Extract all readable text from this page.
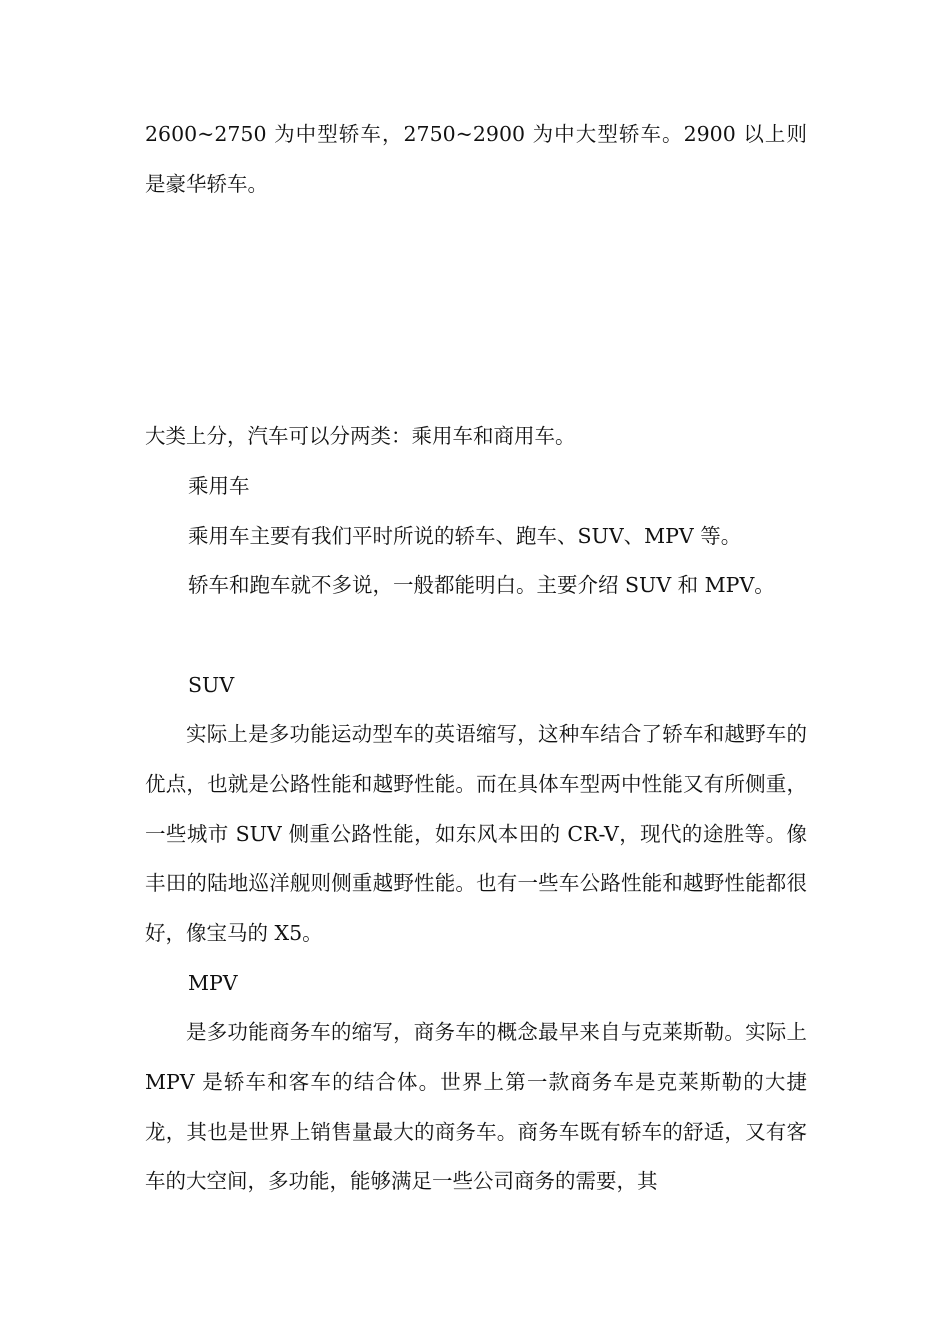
2600~2750 为中型轿车，2750~2900 为中大型轿车。2900 以上则是豪华轿车。

大类上分，汽车可以分两类：乘用车和商用车。

乘用车

乘用车主要有我们平时所说的轿车、跑车、SUV、MPV 等。

轿车和跑车就不多说，一般都能明白。主要介绍 SUV 和 MPV。

SUV

实际上是多功能运动型车的英语缩写，这种车结合了轿车和越野车的优点，也就是公路性能和越野性能。而在具体车型两中性能又有所侧重，一些城市 SUV 侧重公路性能，如东风本田的 CR-V，现代的途胜等。像丰田的陆地巡洋舰则侧重越野性能。也有一些车公路性能和越野性能都很好，像宝马的 X5。

MPV

是多功能商务车的缩写，商务车的概念最早来自与克莱斯勒。实际上 MPV 是轿车和客车的结合体。世界上第一款商务车是克莱斯勒的大捷龙，其也是世界上销售量最大的商务车。商务车既有轿车的舒适，又有客车的大空间，多功能，能够满足一些公司商务的需要，其
